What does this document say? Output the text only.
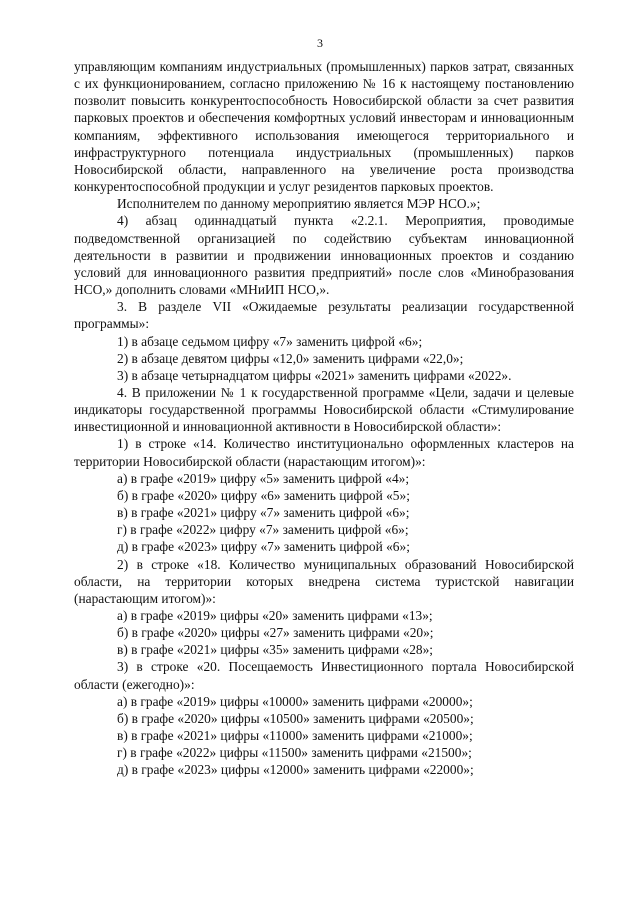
3

управляющим компаниям индустриальных (промышленных) парков затрат, связанных с их функционированием, согласно приложению № 16 к настоящему постановлению позволит повысить конкурентоспособность Новосибирской области за счет развития парковых проектов и обеспечения комфортных условий инвесторам и инновационным компаниям, эффективного использования имеющегося территориального и инфраструктурного потенциала индустриальных (промышленных) парков Новосибирской области, направленного на увеличение роста производства конкурентоспособной продукции и услуг резидентов парковых проектов.

Исполнителем по данному мероприятию является МЭР НСО.»;

4) абзац одиннадцатый пункта «2.2.1. Мероприятия, проводимые подведомственной организацией по содействию субъектам инновационной деятельности в развитии и продвижении инновационных проектов и созданию условий для инновационного развития предприятий» после слов «Минобразования НСО,» дополнить словами «МНиИП НСО,».

3. В разделе VII «Ожидаемые результаты реализации государственной программы»:

1) в абзаце седьмом цифру «7» заменить цифрой «6»;

2) в абзаце девятом цифры «12,0» заменить цифрами «22,0»;

3) в абзаце четырнадцатом цифры «2021» заменить цифрами «2022».

4. В приложении № 1 к государственной программе «Цели, задачи и целевые индикаторы государственной программы Новосибирской области «Стимулирование инвестиционной и инновационной активности в Новосибирской области»:

1) в строке «14. Количество институционально оформленных кластеров на территории Новосибирской области (нарастающим итогом)»:

а) в графе «2019» цифру «5» заменить цифрой «4»;

б) в графе «2020» цифру «6» заменить цифрой «5»;

в) в графе «2021» цифру «7» заменить цифрой «6»;

г) в графе «2022» цифру «7» заменить цифрой «6»;

д) в графе «2023» цифру «7» заменить цифрой «6»;

2) в строке «18. Количество муниципальных образований Новосибирской области, на территории которых внедрена система туристской навигации (нарастающим итогом)»:

а) в графе «2019» цифры «20» заменить цифрами «13»;

б) в графе «2020» цифры «27» заменить цифрами «20»;

в) в графе «2021» цифры «35» заменить цифрами «28»;

3) в строке «20. Посещаемость Инвестиционного портала Новосибирской области (ежегодно)»:

а) в графе «2019» цифры «10000» заменить цифрами «20000»;

б) в графе «2020» цифры «10500» заменить цифрами «20500»;

в) в графе «2021» цифры «11000» заменить цифрами «21000»;

г) в графе «2022» цифры «11500» заменить цифрами «21500»;

д) в графе «2023» цифры «12000» заменить цифрами «22000»;
